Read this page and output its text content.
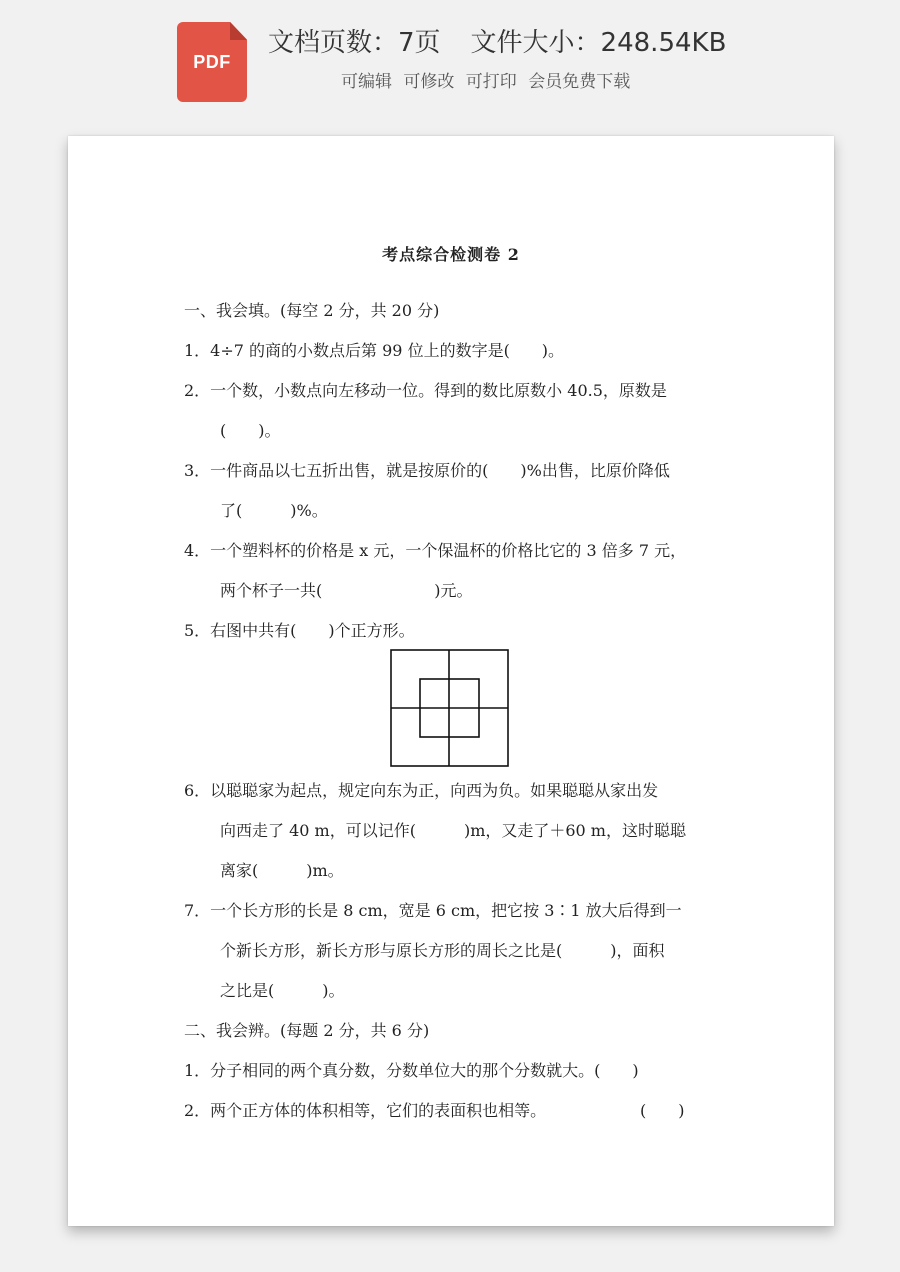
PDF
文档页数：7页 文件大小：248.54KB
可编辑 可修改 可打印 会员免费下载
考点综合检测卷 2
一、我会填。(每空 2 分，共 20 分)
1．4÷7 的商的小数点后第 99 位上的数字是(　　)。
2．一个数，小数点向左移动一位。得到的数比原数小 40.5，原数是
(　　)。
3．一件商品以七五折出售，就是按原价的(　　)%出售，比原价降低
了(　　　)%。
4．一个塑料杯的价格是 x 元，一个保温杯的价格比它的 3 倍多 7 元，
两个杯子一共(　　　　　　　)元。
5．右图中共有(　　)个正方形。
6．以聪聪家为起点，规定向东为正，向西为负。如果聪聪从家出发
向西走了 40 m，可以记作(　　　)m，又走了＋60 m，这时聪聪
离家(　　　)m。
7．一个长方形的长是 8 cm，宽是 6 cm，把它按 3∶1 放大后得到一
个新长方形，新长方形与原长方形的周长之比是(　　　)，面积
之比是(　　　)。
二、我会辨。(每题 2 分，共 6 分)
1．分子相同的两个真分数，分数单位大的那个分数就大。(　　)
2．两个正方体的体积相等，它们的表面积也相等。	(　　)
